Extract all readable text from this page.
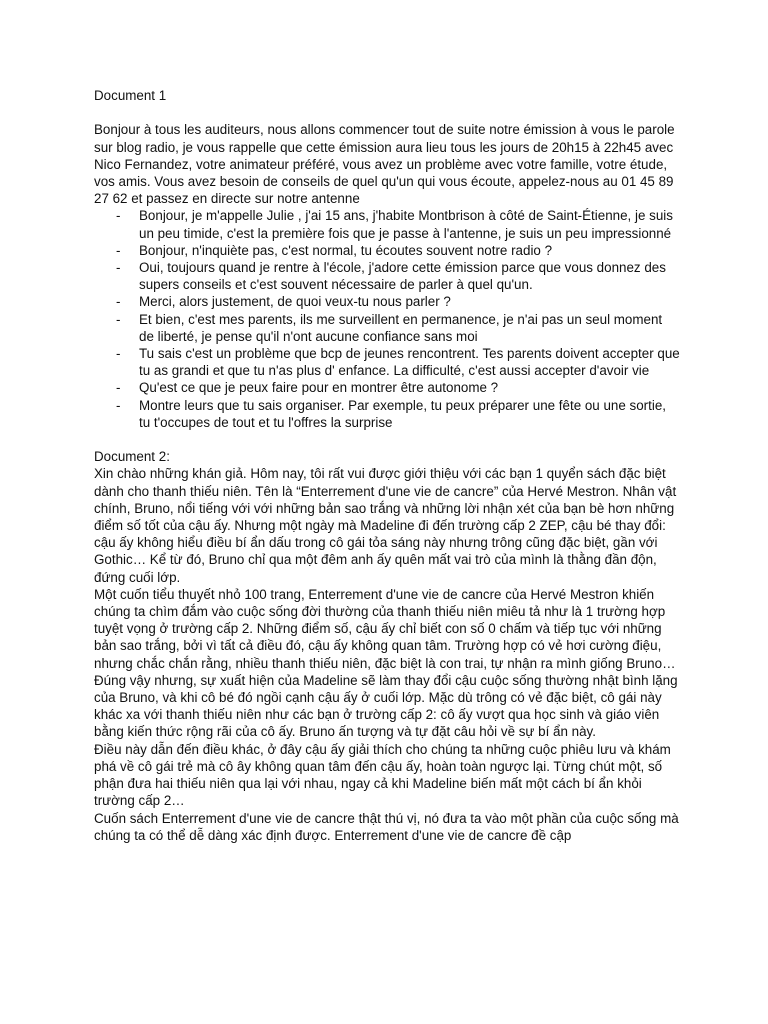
Document 1

Bonjour à tous les auditeurs, nous allons commencer tout de suite notre émission à vous le parole sur blog radio, je vous rappelle que cette émission aura lieu tous les jours de 20h15 à 22h45 avec Nico Fernandez, votre animateur préféré, vous avez un problème avec votre famille, votre étude, vos amis. Vous avez besoin de conseils de quel qu'un qui vous écoute, appelez-nous au 01 45 89 27 62 et passez en directe sur notre antenne

- Bonjour, je m'appelle Julie , j'ai 15 ans, j'habite Montbrison à côté de Saint-Étienne, je suis un peu timide, c'est la première fois que je passe à l'antenne, je suis un peu impressionné
- Bonjour, n'inquiète pas, c'est normal, tu écoutes souvent notre radio ?
- Oui, toujours quand je rentre à l'école, j'adore cette émission parce que vous donnez des supers conseils et c'est souvent nécessaire de parler à quel qu'un.
- Merci, alors justement, de quoi veux-tu nous parler ?
- Et bien, c'est mes parents, ils me surveillent en permanence, je n'ai pas un seul moment de liberté, je pense qu'il n'ont aucune confiance sans moi
- Tu sais c'est un problème que bcp de jeunes rencontrent. Tes parents doivent accepter que tu as grandi et que tu n'as plus d' enfance. La difficulté, c'est aussi accepter d'avoir vie
- Qu'est ce que je peux faire pour en montrer être autonome ?
- Montre leurs que tu sais organiser. Par exemple, tu peux préparer une fête ou une sortie, tu t'occupes de tout et tu l'offres la surprise

Document 2:

Xin chào những khán giả. Hôm nay, tôi rất vui được giới thiệu với các bạn 1 quyển sách đặc biệt dành cho thanh thiếu niên. Tên là “Enterrement d'une vie de cancre” của Hervé Mestron. Nhân vật chính, Bruno, nổi tiếng với với những bản sao trắng và những lời nhận xét của bạn bè hơn những điểm số tốt của cậu ấy. Nhưng một ngày mà Madeline đi đến trường cấp 2 ZEP, cậu bé thay đổi: cậu ấy không hiểu điều bí ẩn dấu trong cô gái tỏa sáng này nhưng trông cũng đặc biệt, gần với Gothic… Kể từ đó, Bruno chỉ qua một đêm anh ấy quên mất vai trò của mình là thằng đần độn, đứng cuối lớp.

Một cuốn tiểu thuyết nhỏ 100 trang, Enterrement d'une vie de cancre của Hervé Mestron khiến chúng ta chìm đắm vào cuộc sống đời thường của thanh thiếu niên miêu tả như là 1 trường hợp tuyệt vọng ở trường cấp 2. Những điểm số, cậu ấy chỉ biết con số 0 chấm và tiếp tục với những bản sao trắng, bởi vì tất cả điều đó, cậu ấy không quan tâm. Trường hợp có vẻ hơi cường điệu, nhưng chắc chắn rằng, nhiều thanh thiếu niên, đặc biệt là con trai, tự nhận ra mình giống Bruno…

Đúng vậy nhưng, sự xuất hiện của Madeline sẽ làm thay đổi cậu cuộc sống thường nhật bình lặng của Bruno, và khi cô bé đó ngồi cạnh cậu ấy ở cuối lớp. Mặc dù trông có vẻ đặc biệt, cô gái này khác xa với thanh thiếu niên như các bạn ở trường cấp 2: cô ấy vượt qua học sinh và giáo viên bằng kiến thức rộng rãi của cô ấy. Bruno ấn tượng và tự đặt câu hỏi về sự bí ẩn này.

Điều này dẫn đến điều khác, ở đây cậu ấy giải thích cho chúng ta những cuộc phiêu lưu và khám phá về cô gái trẻ mà cô ây không quan tâm đến cậu ấy, hoàn toàn ngược lại. Từng chút một, số phận đưa hai thiếu niên qua lại với nhau, ngay cả khi Madeline biến mất một cách bí ẩn khỏi trường cấp 2…

Cuốn sách Enterrement d'une vie de cancre thật thú vị, nó đưa ta vào một phần của cuộc sống mà chúng ta có thể dễ dàng xác định được. Enterrement d'une vie de cancre đề cập
